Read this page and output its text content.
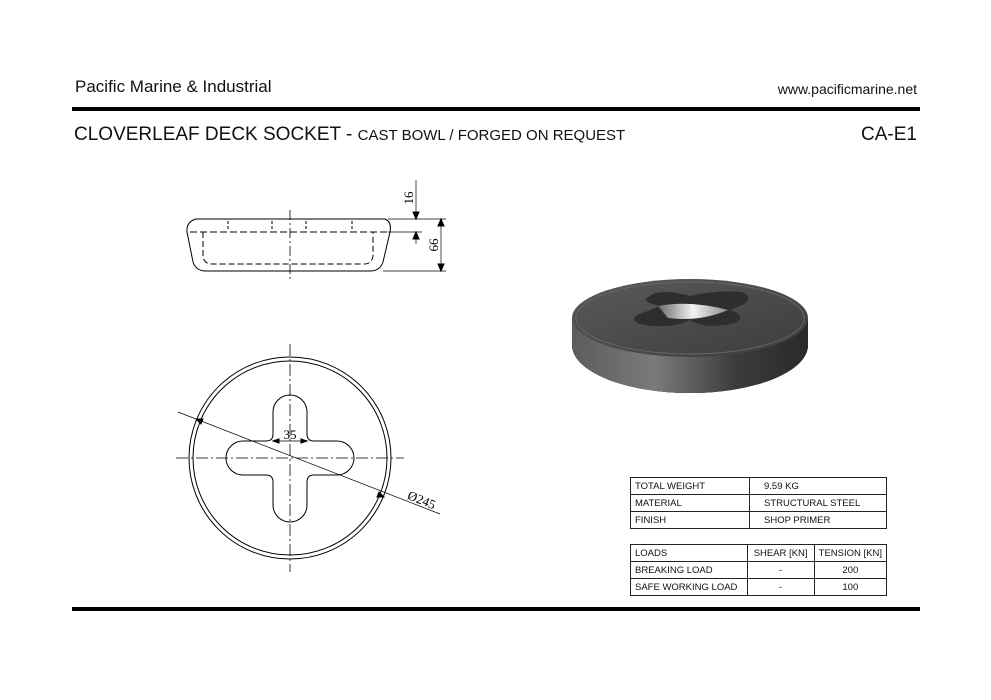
Pacific Marine & Industrial	www.pacificmarine.net
CLOVERLEAF DECK SOCKET - CAST BOWL / FORGED ON REQUEST	CA-E1
16
66
35
Ø245
TOTAL WEIGHT	9.59 KG
MATERIAL	STRUCTURAL STEEL
FINISH	SHOP PRIMER
LOADS	SHEAR [KN]	TENSION [KN]
BREAKING LOAD	-	200
SAFE WORKING LOAD	-	100
